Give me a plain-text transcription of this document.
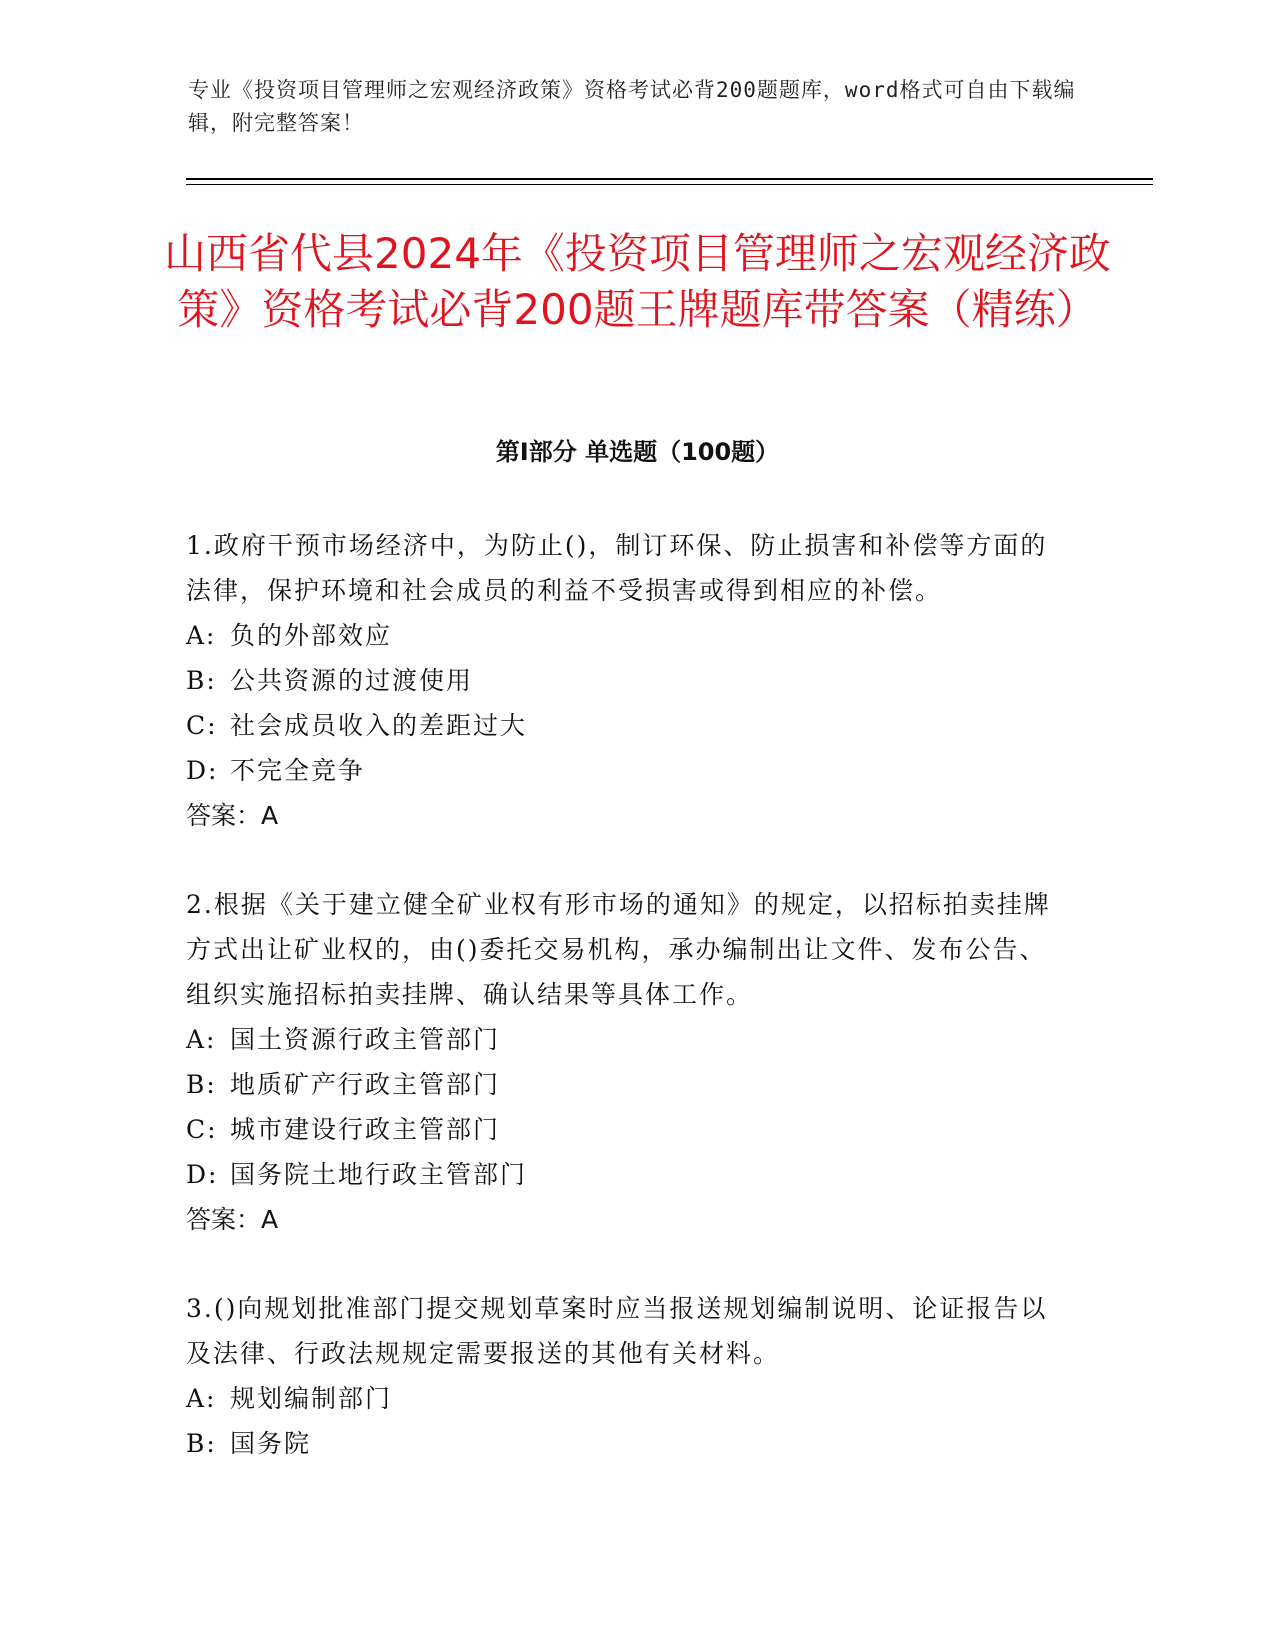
专业《投资项目管理师之宏观经济政策》资格考试必背200题题库，word格式可自由下载编辑，附完整答案！
山西省代县2024年《投资项目管理师之宏观经济政策》资格考试必背200题王牌题库带答案（精练）
第I部分 单选题（100题）

1.政府干预市场经济中，为防止()，制订环保、防止损害和补偿等方面的法律，保护环境和社会成员的利益不受损害或得到相应的补偿。

A: 负的外部效应

B: 公共资源的过渡使用

C: 社会成员收入的差距过大

D: 不完全竞争

答案：A

2.根据《关于建立健全矿业权有形市场的通知》的规定，以招标拍卖挂牌方式出让矿业权的，由()委托交易机构，承办编制出让文件、发布公告、组织实施招标拍卖挂牌、确认结果等具体工作。

A: 国土资源行政主管部门

B: 地质矿产行政主管部门

C: 城市建设行政主管部门

D: 国务院土地行政主管部门

答案：A

3.()向规划批准部门提交规划草案时应当报送规划编制说明、论证报告以及法律、行政法规规定需要报送的其他有关材料。

A: 规划编制部门

B: 国务院
